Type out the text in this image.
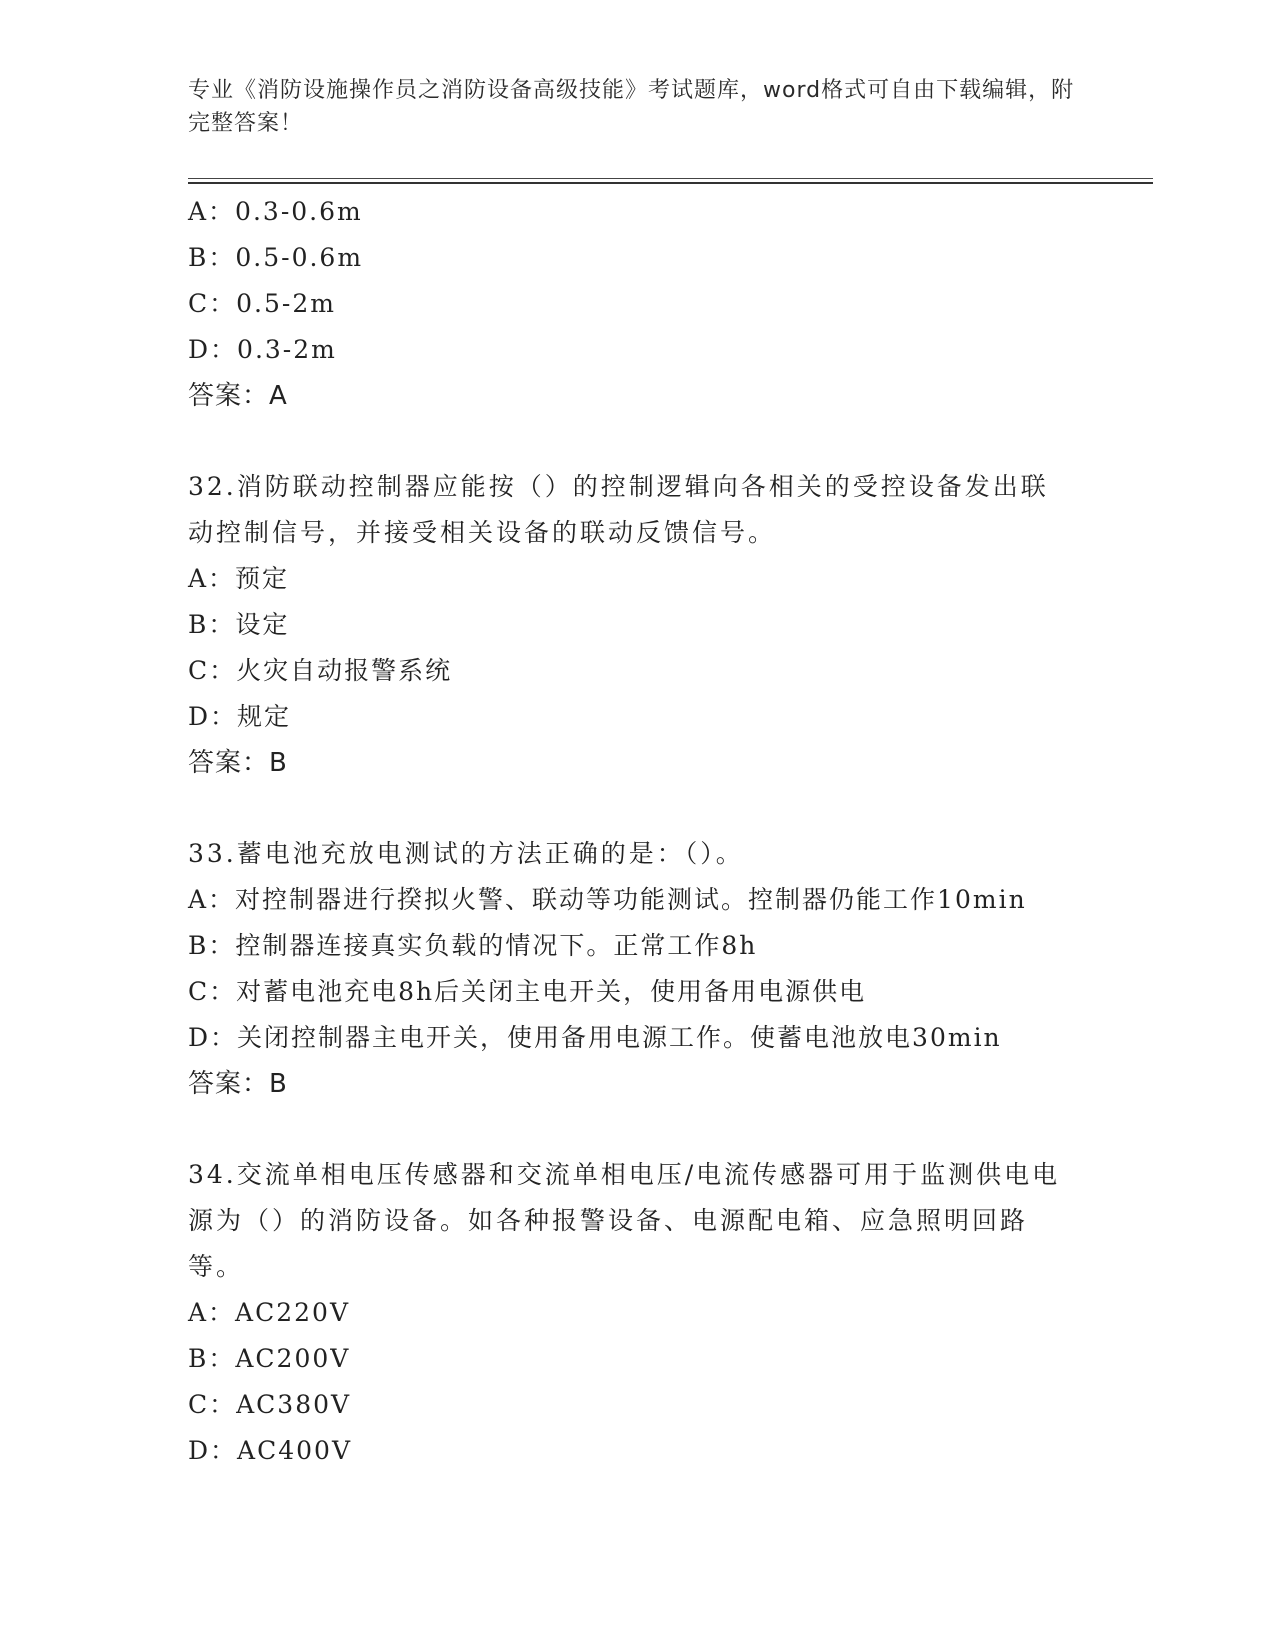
专业《消防设施操作员之消防设备高级技能》考试题库，word格式可自由下载编辑，附完整答案！
A：0.3-0.6m
B：0.5-0.6m
C：0.5-2m
D：0.3-2m
答案：A
32.消防联动控制器应能按（）的控制逻辑向各相关的受控设备发出联动控制信号，并接受相关设备的联动反馈信号。
A：预定
B：设定
C：火灾自动报警系统
D：规定
答案：B
33.蓄电池充放电测试的方法正确的是：（）。
A：对控制器进行揆拟火警、联动等功能测试。控制器仍能工作10min
B：控制器连接真实负载的情况下。正常工作8h
C：对蓄电池充电8h后关闭主电开关，使用备用电源供电
D：关闭控制器主电开关，使用备用电源工作。使蓄电池放电30min
答案：B
34.交流单相电压传感器和交流单相电压/电流传感器可用于监测供电电源为（）的消防设备。如各种报警设备、电源配电箱、应急照明回路等。
A：AC220V
B：AC200V
C：AC380V
D：AC400V
